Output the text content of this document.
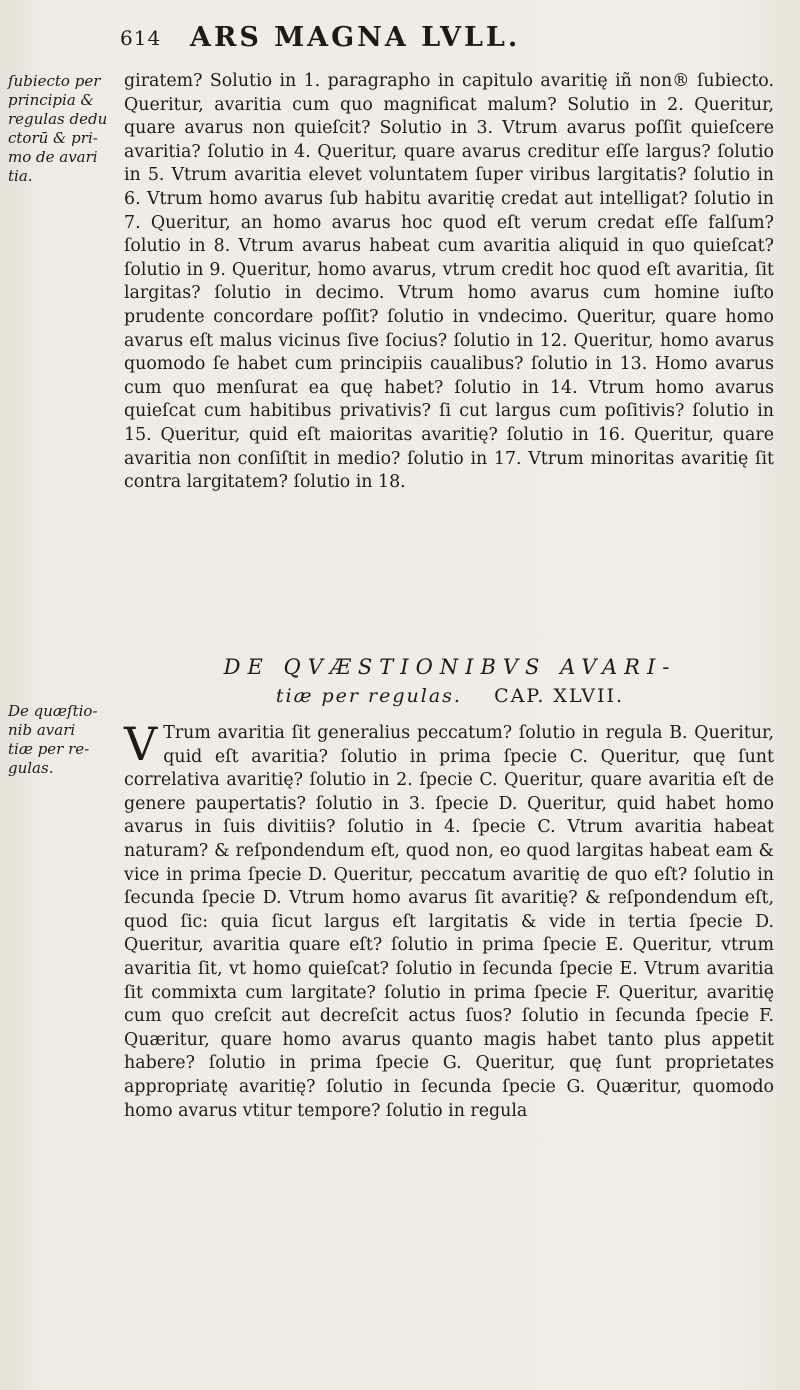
614 ARS MAGNA LVLL.
ſubiecto per
principia &
regulas dedu
ctorū & pri-
mo de avari
tia.
giratem? Solutio in 1. paragrapho in capitulo avaritię iñ non® ſubiecto. Queritur, avaritia cum quo magnificat malum? Solutio in 2. Queritur, quare avarus non quieſcit? Solutio in 3. Vtrum avarus poſſit quieſcere avaritia? ſolutio in 4. Queritur, quare avarus creditur eſſe largus? ſolutio in 5. Vtrum avaritia elevet voluntatem ſuper viribus largitatis? ſolutio in 6. Vtrum homo avarus ſub habitu avaritię credat aut intelligat? ſolutio in 7. Queritur, an homo avarus hoc quod eſt verum credat eſſe falſum? ſolutio in 8. Vtrum avarus habeat cum avaritia aliquid in quo quieſcat? ſolutio in 9. Queritur, homo avarus, vtrum credit hoc quod eſt avaritia, ſit largitas? ſolutio in decimo. Vtrum homo avarus cum homine iuſto prudente concordare poſſit? ſolutio in vndecimo. Queritur, quare homo avarus eſt malus vicinus ſive ſocius? ſolutio in 12. Queritur, homo avarus quomodo ſe habet cum principiis caualibus? ſolutio in 13. Homo avarus cum quo menſurat ea quę habet? ſolutio in 14. Vtrum homo avarus quieſcat cum habitibus privativis? ſi cut largus cum poſitivis? ſolutio in 15. Queritur, quid eſt maioritas avaritię? ſolutio in 16. Queritur, quare avaritia non conſiſtit in medio? ſolutio in 17. Vtrum minoritas avaritię ſit contra largitatem? ſolutio in 18.
DE QVÆSTIONIBVS AVARI-
tiæ per regulas. CAP. XLVII.
De quæſtio-
nib avari
tiæ per re-
gulas.	V Trum avaritia ſit generalius peccatum? ſolutio in regula B. Queritur, quid eſt avaritia? ſolutio in prima ſpecie C. Queritur, quę ſunt correlativa avaritię? ſolutio in 2. ſpecie C. Queritur, quare avaritia eſt de genere paupertatis? ſolutio in 3. ſpecie D. Queritur, quid habet homo avarus in ſuis divitiis? ſolutio in 4. ſpecie C. Vtrum avaritia habeat naturam? & reſpondendum eſt, quod non, eo quod largitas habeat eam & vice in prima ſpecie D. Queritur, peccatum avaritię de quo eſt? ſolutio in ſecunda ſpecie D. Vtrum homo avarus ſit avaritię? & reſpondendum eſt, quod ſic: quia ſicut largus eſt largitatis & vide in tertia ſpecie D. Queritur, avaritia quare eſt? ſolutio in prima ſpecie E. Queritur, vtrum avaritia ſit, vt homo quieſcat? ſolutio in ſecunda ſpecie E. Vtrum avaritia ſit commixta cum largitate? ſolutio in prima ſpecie F. Queritur, avaritię cum quo creſcit aut decreſcit actus ſuos? ſolutio in ſecunda ſpecie F. Quæritur, quare homo avarus quanto magis habet tanto plus appetit habere? ſolutio in prima ſpecie G. Queritur, quę ſunt proprietates appropriatę avaritię? ſolutio in ſecunda ſpecie G. Quæritur, quomodo homo avarus vtitur tempore? ſolutio in regula
